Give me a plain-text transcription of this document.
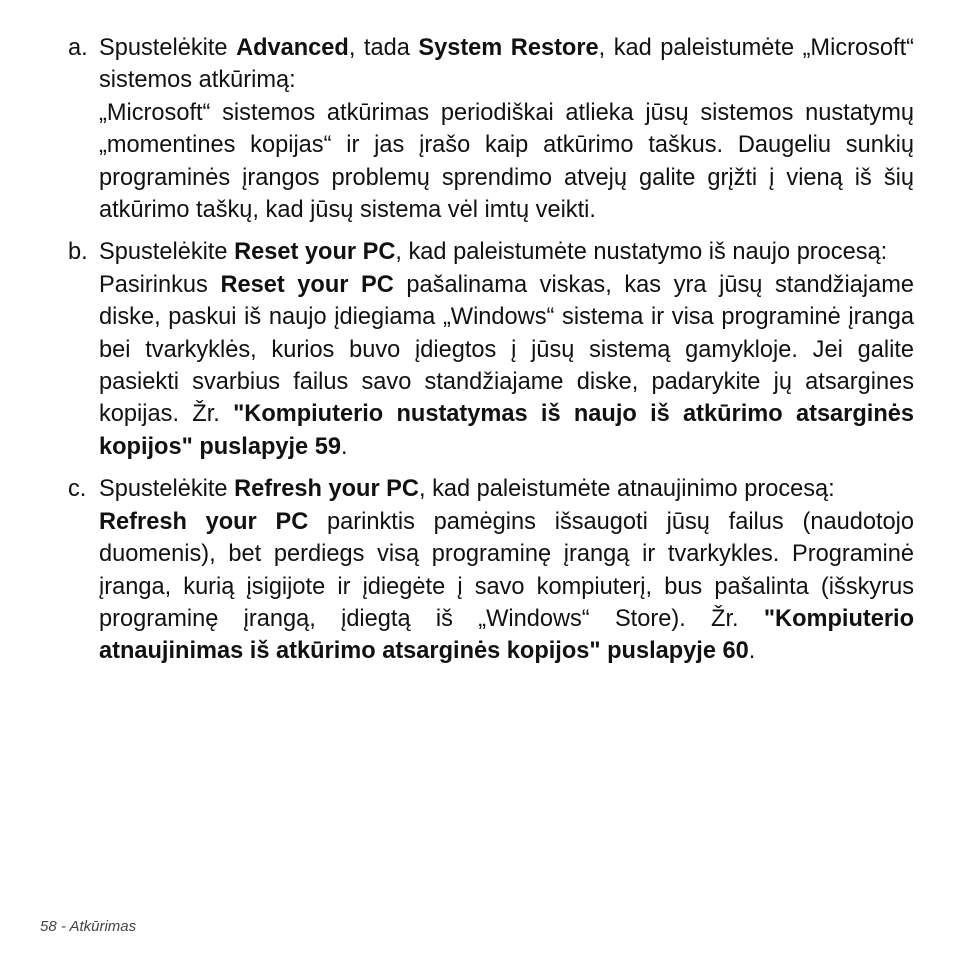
a. Spustelėkite Advanced, tada System Restore, kad paleistumėte „Microsoft“ sistemos atkūrimą:

„Microsoft“ sistemos atkūrimas periodiškai atlieka jūsų sistemos nustatymų „momentines kopijas“ ir jas įrašo kaip atkūrimo taškus. Daugeliu sunkių programinės įrangos problemų sprendimo atvejų galite grįžti į vieną iš šių atkūrimo taškų, kad jūsų sistema vėl imtų veikti.

b. Spustelėkite Reset your PC, kad paleistumėte nustatymo iš naujo procesą:

Pasirinkus Reset your PC pašalinama viskas, kas yra jūsų standžiajame diske, paskui iš naujo įdiegiama „Windows“ sistema ir visa programinė įranga bei tvarkyklės, kurios buvo įdiegtos į jūsų sistemą gamykloje. Jei galite pasiekti svarbius failus savo standžiajame diske, padarykite jų atsargines kopijas. Žr. "Kompiuterio nustatymas iš naujo iš atkūrimo atsarginės kopijos" puslapyje 59.

c. Spustelėkite Refresh your PC, kad paleistumėte atnaujinimo procesą:

Refresh your PC parinktis pamėgins išsaugoti jūsų failus (naudotojo duomenis), bet perdiegs visą programinę įrangą ir tvarkykles. Programinė įranga, kurią įsigijote ir įdiegėte į savo kompiuterį, bus pašalinta (išskyrus programinę įrangą, įdiegtą iš „Windows“ Store). Žr. "Kompiuterio atnaujinimas iš atkūrimo atsarginės kopijos" puslapyje 60.

58 - Atkūrimas
